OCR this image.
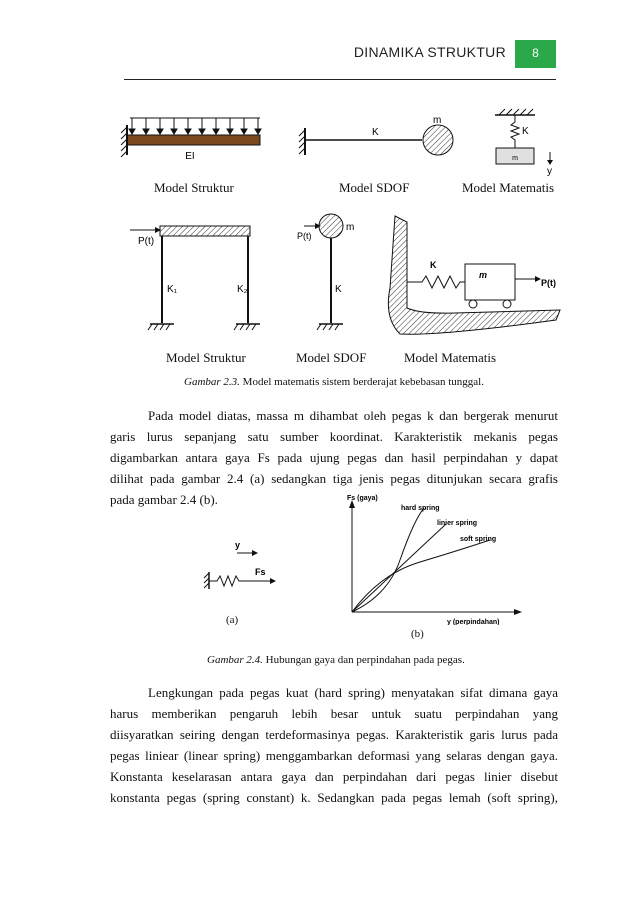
DINAMIKA STRUKTUR	8
EI
K
m
m
K
y
Model Struktur	Model SDOF	Model Matematis
P(t)
K₁	K₂
P(t)
m
K
K
m
P(t)
Model Struktur	Model SDOF	Model Matematis
Gambar 2.3. Model matematis sistem berderajat kebebasan tunggal.
Pada model diatas, massa m dihambat oleh pegas k dan bergerak menurut
garis lurus sepanjang satu sumber koordinat. Karakteristik mekanis pegas
digambarkan antara gaya Fs pada ujung pegas dan hasil perpindahan y dapat
dilihat pada gambar 2.4 (a) sedangkan tiga jenis pegas ditunjukan secara grafis
pada gambar 2.4 (b).
y
Fs
(a)
Fs (gaya)
hard spring
linier spring
soft spring
y (perpindahan)
(b)
Gambar 2.4. Hubungan gaya dan perpindahan pada pegas.
Lengkungan pada pegas kuat (hard spring) menyatakan sifat dimana gaya
harus memberikan pengaruh lebih besar untuk suatu perpindahan yang
diisyaratkan seiring dengan terdeformasinya pegas. Karakteristik garis lurus pada
pegas liniear (linear spring) menggambarkan deformasi yang selaras dengan gaya.
Konstanta keselarasan antara gaya dan perpindahan dari pegas linier disebut
konstanta pegas (spring constant) k. Sedangkan pada pegas lemah (soft spring),
